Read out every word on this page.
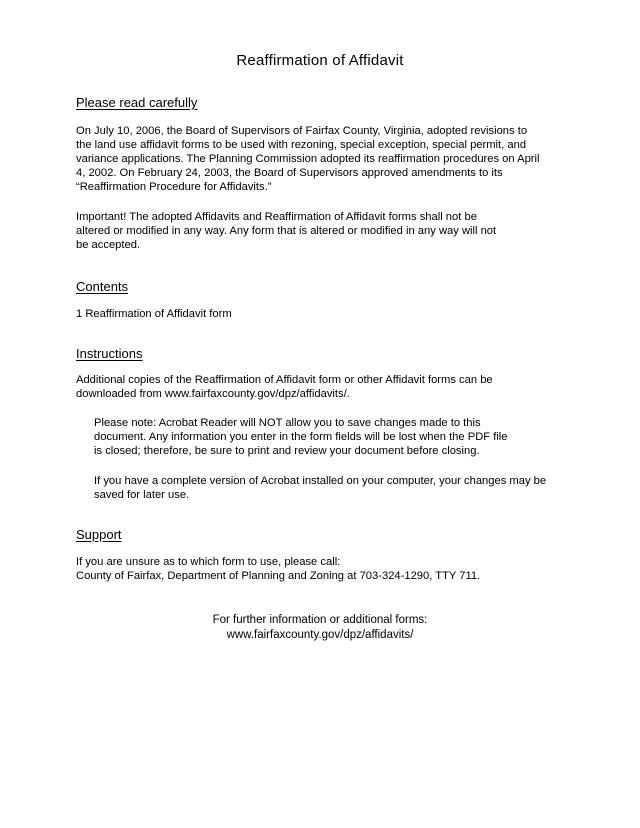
Reaffirmation of Affidavit
Please read carefully

On July 10, 2006, the Board of Supervisors of Fairfax County, Virginia, adopted revisions to
the land use affidavit forms to be used with rezoning, special exception, special permit, and
variance applications. The Planning Commission adopted its reaffirmation procedures on April
4, 2002. On February 24, 2003, the Board of Supervisors approved amendments to its
“Reaffirmation Procedure for Affidavits.”

Important! The adopted Affidavits and Reaffirmation of Affidavit forms shall not be
altered or modified in any way. Any form that is altered or modified in any way will not
be accepted.

Contents

1 Reaffirmation of Affidavit form

Instructions

Additional copies of the Reaffirmation of Affidavit form or other Affidavit forms can be
downloaded from www.fairfaxcounty.gov/dpz/affidavits/.

Please note: Acrobat Reader will NOT allow you to save changes made to this
document. Any information you enter in the form fields will be lost when the PDF file
is closed; therefore, be sure to print and review your document before closing.

If you have a complete version of Acrobat installed on your computer, your changes may be
saved for later use.

Support

If you are unsure as to which form to use, please call:
County of Fairfax, Department of Planning and Zoning at 703-324-1290, TTY 711.

For further information or additional forms:
www.fairfaxcounty.gov/dpz/affidavits/
